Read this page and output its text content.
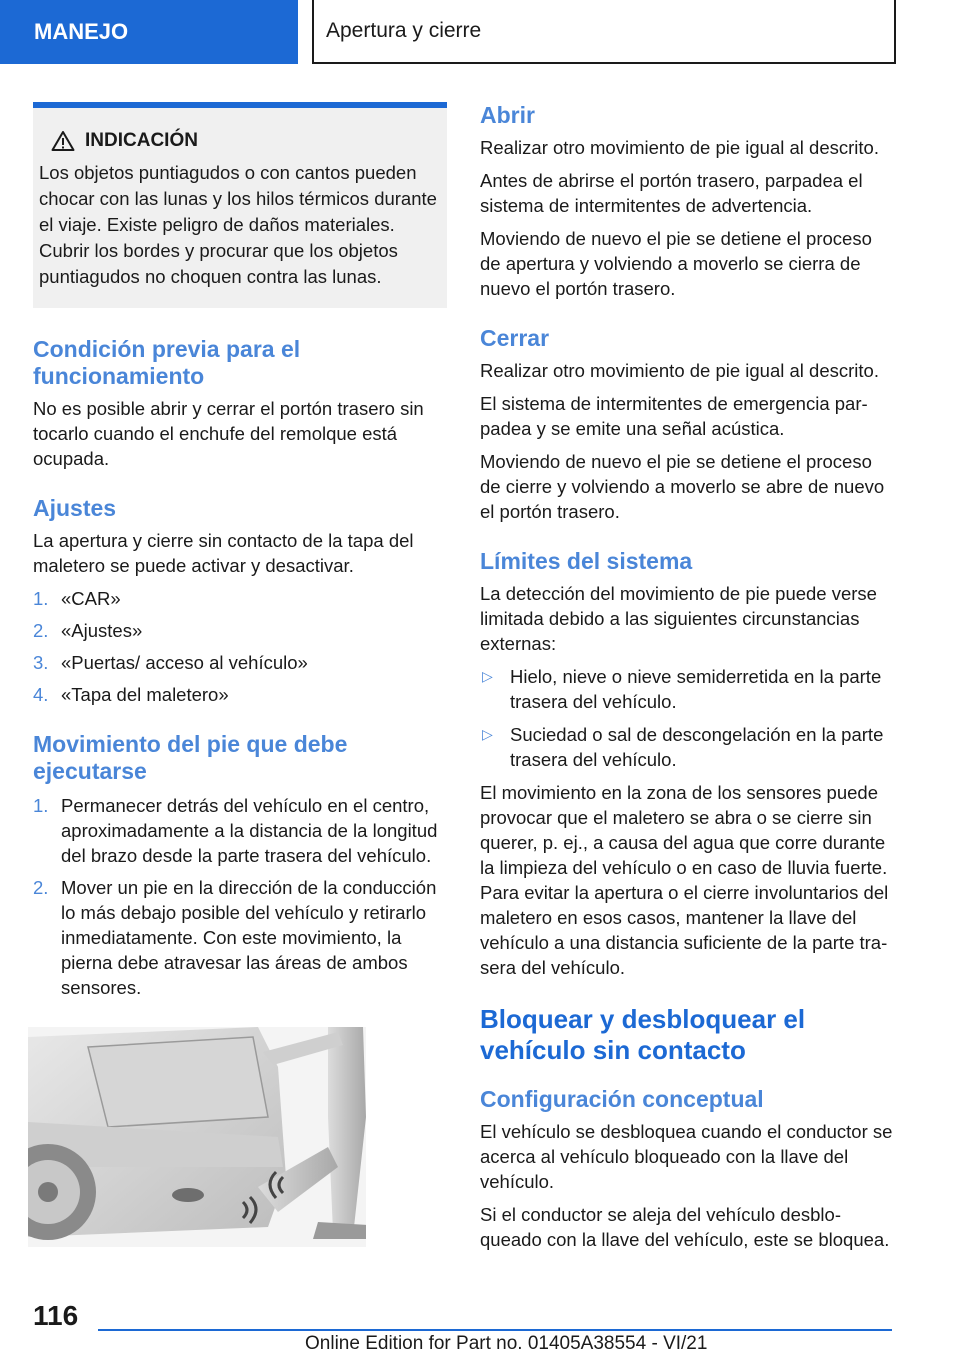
MANEJO	Apertura y cierre
INDICACIÓN
Los objetos puntiagudos o con cantos pueden chocar con las lunas y los hilos térmicos durante el viaje. Existe peligro de daños materiales. Cubrir los bordes y procurar que los objetos puntiagudos no choquen contra las lunas.
Condición previa para el funcionamiento

No es posible abrir y cerrar el portón trasero sin tocarlo cuando el enchufe del remolque está ocupada.

Ajustes

La apertura y cierre sin contacto de la tapa del maletero se puede activar y desactivar.

1. «CAR»
2. «Ajustes»
3. «Puertas/ acceso al vehículo»
4. «Tapa del maletero»
Movimiento del pie que debe ejecutarse
1. Permanecer detrás del vehículo en el centro, aproximadamente a la distancia de la longitud del brazo desde la parte trasera del vehículo.
2. Mover un pie en la dirección de la conducción lo más debajo posible del vehículo y retirarlo inmediatamente. Con este movimiento, la pierna debe atravesar las áreas de ambos sensores.
Abrir

Realizar otro movimiento de pie igual al descrito.

Antes de abrirse el portón trasero, parpadea el sistema de intermitentes de advertencia.

Moviendo de nuevo el pie se detiene el proceso de apertura y volviendo a moverlo se cierra de nuevo el portón trasero.

Cerrar

Realizar otro movimiento de pie igual al descrito.

El sistema de intermitentes de emergencia parpadea y se emite una señal acústica.

Moviendo de nuevo el pie se detiene el proceso de cierre y volviendo a moverlo se abre de nuevo el portón trasero.

Límites del sistema

La detección del movimiento de pie puede verse limitada debido a las siguientes circunstancias externas:

▷ Hielo, nieve o nieve semiderretida en la parte trasera del vehículo.
▷ Suciedad o sal de descongelación en la parte trasera del vehículo.

El movimiento en la zona de los sensores puede provocar que el maletero se abra o se cierre sin querer, p. ej., a causa del agua que corre durante la limpieza del vehículo o en caso de lluvia fuerte. Para evitar la apertura o el cierre involuntarios del maletero en esos casos, mantener la llave del vehículo a una distancia suficiente de la parte trasera del vehículo.

Bloquear y desbloquear el vehículo sin contacto
Configuración conceptual

El vehículo se desbloquea cuando el conductor se acerca al vehículo bloqueado con la llave del vehículo.

Si el conductor se aleja del vehículo desbloqueado con la llave del vehículo, este se bloquea.

116
Online Edition for Part no. 01405A38554 - VI/21
